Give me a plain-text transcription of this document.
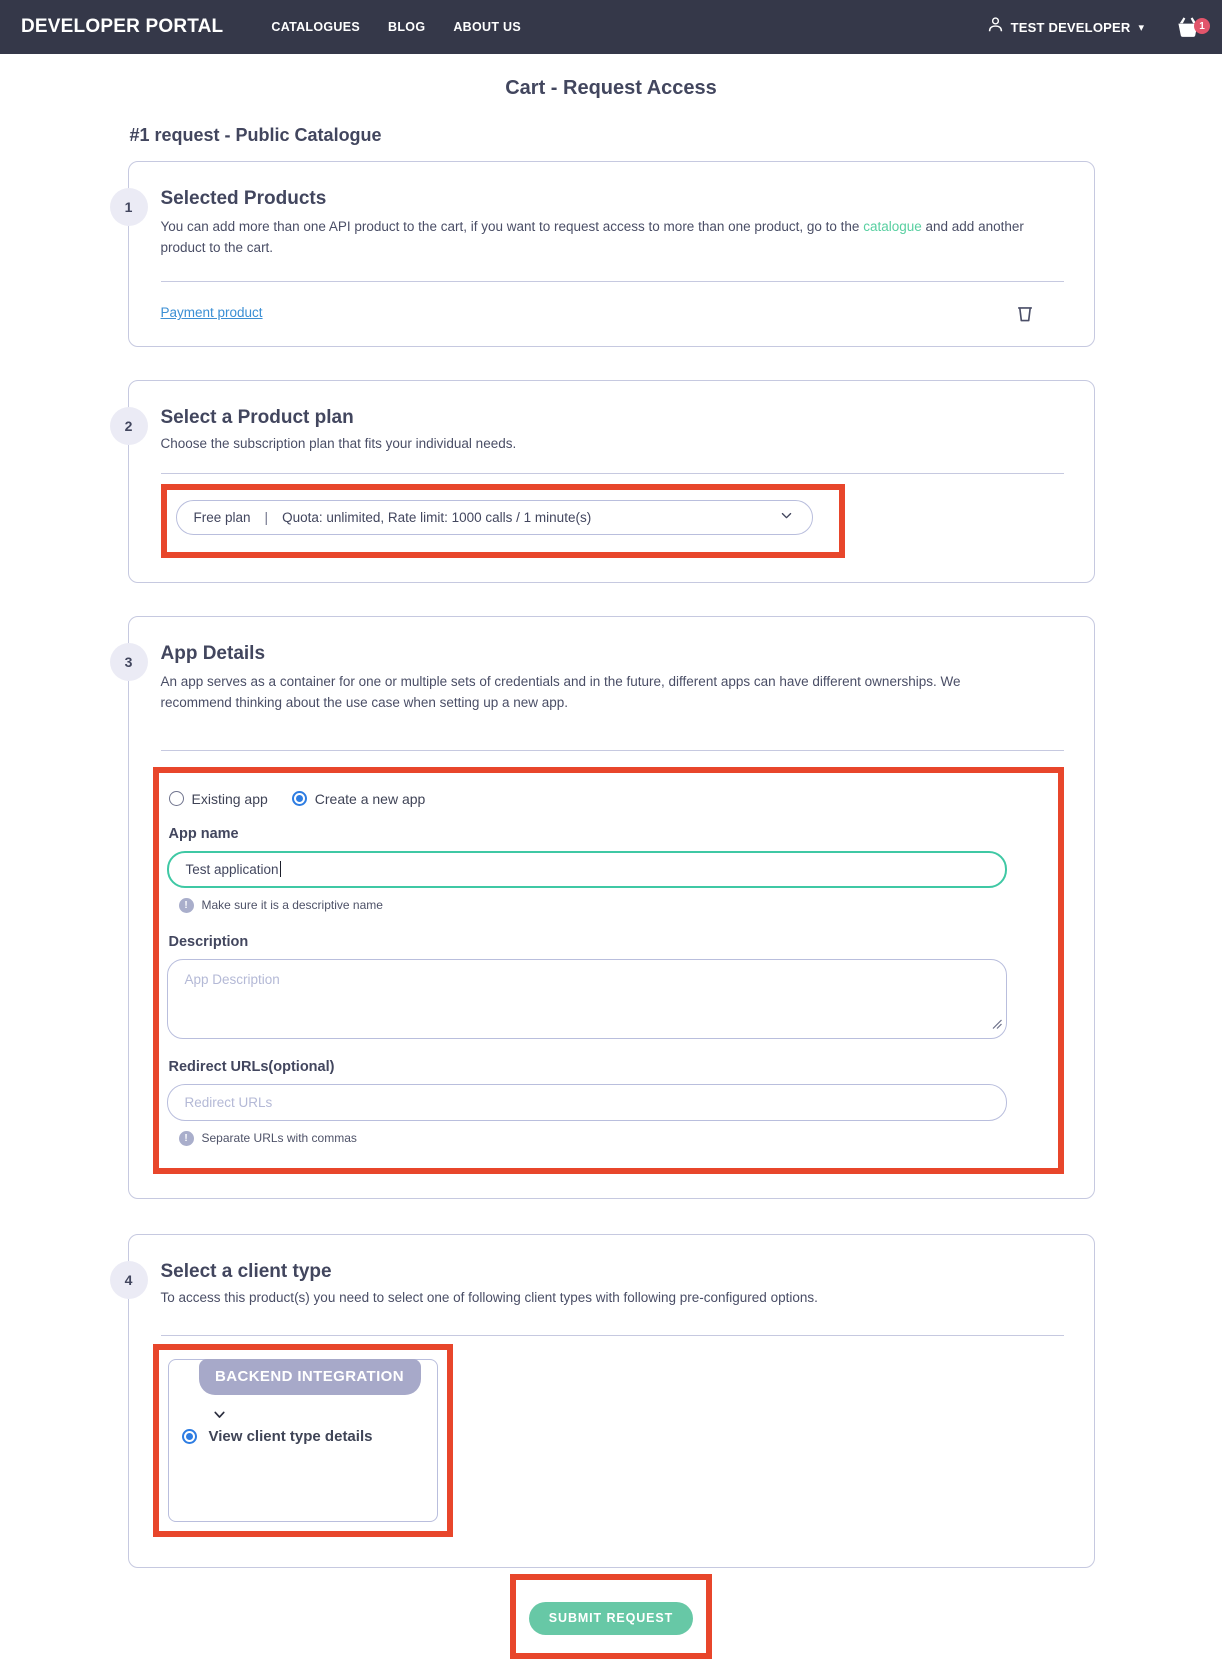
DEVELOPER PORTAL	CATALOGUES BLOG ABOUT US	TEST DEVELOPER ▾	1
Cart - Request Access
#1 request - Public Catalogue
1	Selected Products

You can add more than one API product to the cart, if you want to request access to more than one product, go to the catalogue and add another product to the cart.

Payment product
2	Select a Product plan

Choose the subscription plan that fits your individual needs.

Free plan | Quota: unlimited, Rate limit: 1000 calls / 1 minute(s)
3	App Details

An app serves as a container for one or multiple sets of credentials and in the future, different apps can have different ownerships. We recommend thinking about the use case when setting up a new app.

Existing app	Create a new app
App name
Test application
!	Make sure it is a descriptive name
Description
App Description
Redirect URLs(optional)
Redirect URLs
!	Separate URLs with commas
4	Select a client type

To access this product(s) you need to select one of following client types with following pre-configured options.

BACKEND INTEGRATION
View client type details
SUBMIT REQUEST
